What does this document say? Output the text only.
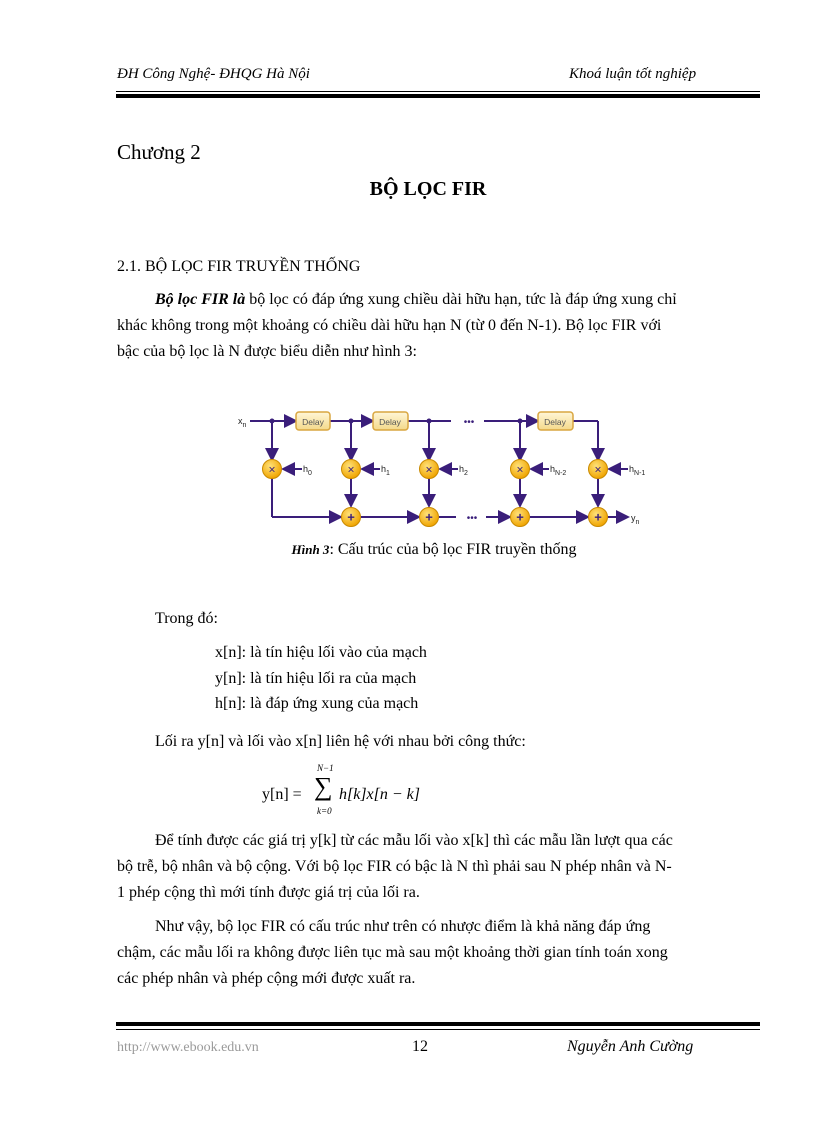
ĐH Công Nghệ- ĐHQG Hà Nội	Khoá luận tốt nghiệp
Chương 2
BỘ LỌC FIR
2.1. BỘ LỌC FIR TRUYỀN THỐNG
Bộ lọc FIR là bộ lọc có đáp ứng xung chiều dài hữu hạn, tức là đáp ứng xung chỉ
khác không trong một khoảng có chiều dài hữu hạn N (từ 0 đến N-1). Bộ lọc FIR với
bậc của bộ lọc là N được biểu diễn như hình 3:
Delay	Delay	Delay
•••
•••
×	×	×	×	×
+	+	+	+
$x_n$
$y_n$
$h_0$	$h_1$	$h_2$	$h_{N-2}$	$h_{N-1}$
Hình 3: Cấu trúc của bộ lọc FIR truyền thống
Trong đó:
x[n]: là tín hiệu lối vào của mạch
y[n]: là tín hiệu lối ra của mạch
h[n]: là đáp ứng xung của mạch
Lối ra y[n] và lối vào x[n] liên hệ với nhau bởi công thức:
y[n] =
N−1
∑
k=0
h[k]x[n − k]
Để tính được các giá trị y[k] từ các mẫu lối vào x[k] thì các mẫu lần lượt qua các
bộ trễ, bộ nhân và bộ cộng. Với bộ lọc FIR có bậc là N thì phải sau N phép nhân và N-
1 phép cộng thì mới tính được giá trị của lối ra.
Như vậy, bộ lọc FIR có cấu trúc như trên có nhược điểm là khả năng đáp ứng
chậm, các mẫu lối ra không được liên tục mà sau một khoảng thời gian tính toán xong
các phép nhân và phép cộng mới được xuất ra.
http://www.ebook.edu.vn	12	Nguyễn Anh Cường
